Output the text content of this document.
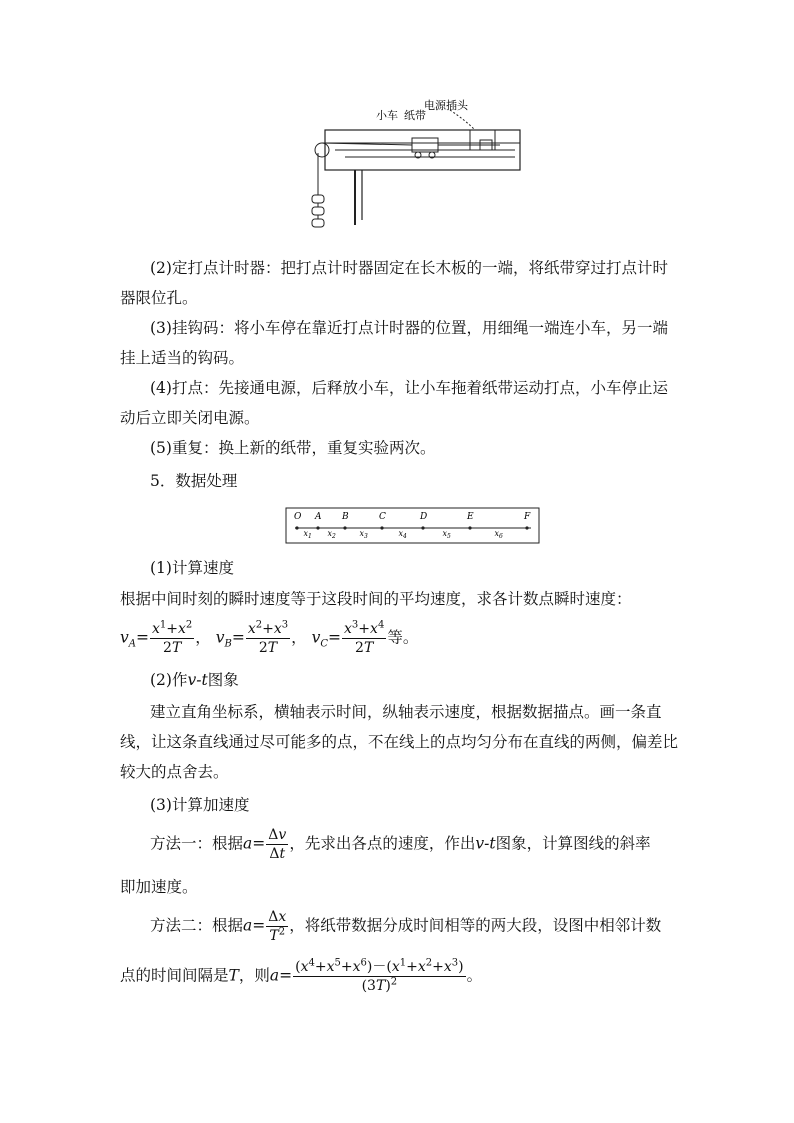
小车 纸带
电源插头
(2)定打点计时器：把打点计时器固定在长木板的一端，将纸带穿过打点计时器限位孔。
(3)挂钩码：将小车停在靠近打点计时器的位置，用细绳一端连小车，另一端挂上适当的钩码。
(4)打点：先接通电源，后释放小车，让小车拖着纸带运动打点，小车停止运动后立即关闭电源。
(5)重复：换上新的纸带，重复实验两次。
5．数据处理
O A B	C	D	E	F
$x_1$ $x_2$	$x_3$	$x_4$	$x_5$	$x_6$
(1)计算速度
根据中间时刻的瞬时速度等于这段时间的平均速度，求各计数点瞬时速度：
$v_A= \frac{x^1+x^2}{2T}$ ， $v_B= \frac{x^2+x^3}{2T}$ ， $v_C= \frac{x^3+x^4}{2T}$ 等。
(2)作v-t图象
建立直角坐标系，横轴表示时间，纵轴表示速度，根据数据描点。画一条直线，让这条直线通过尽可能多的点，不在线上的点均匀分布在直线的两侧，偏差比较大的点舍去。
(3)计算加速度
方法一：根据$a= \frac{\Delta v}{\Delta t}$ ，先求出各点的速度，作出v-t图象，计算图线的斜率
即加速度。
方法二：根据$a= \frac{\Delta x}{T^2}$ ，将纸带数据分成时间相等的两大段，设图中相邻计数
点的时间间隔是T，则$a= \frac{(x^4+x^5+x^6)-(x^1+x^2+x^3)}{(3T)^2}$ 。
